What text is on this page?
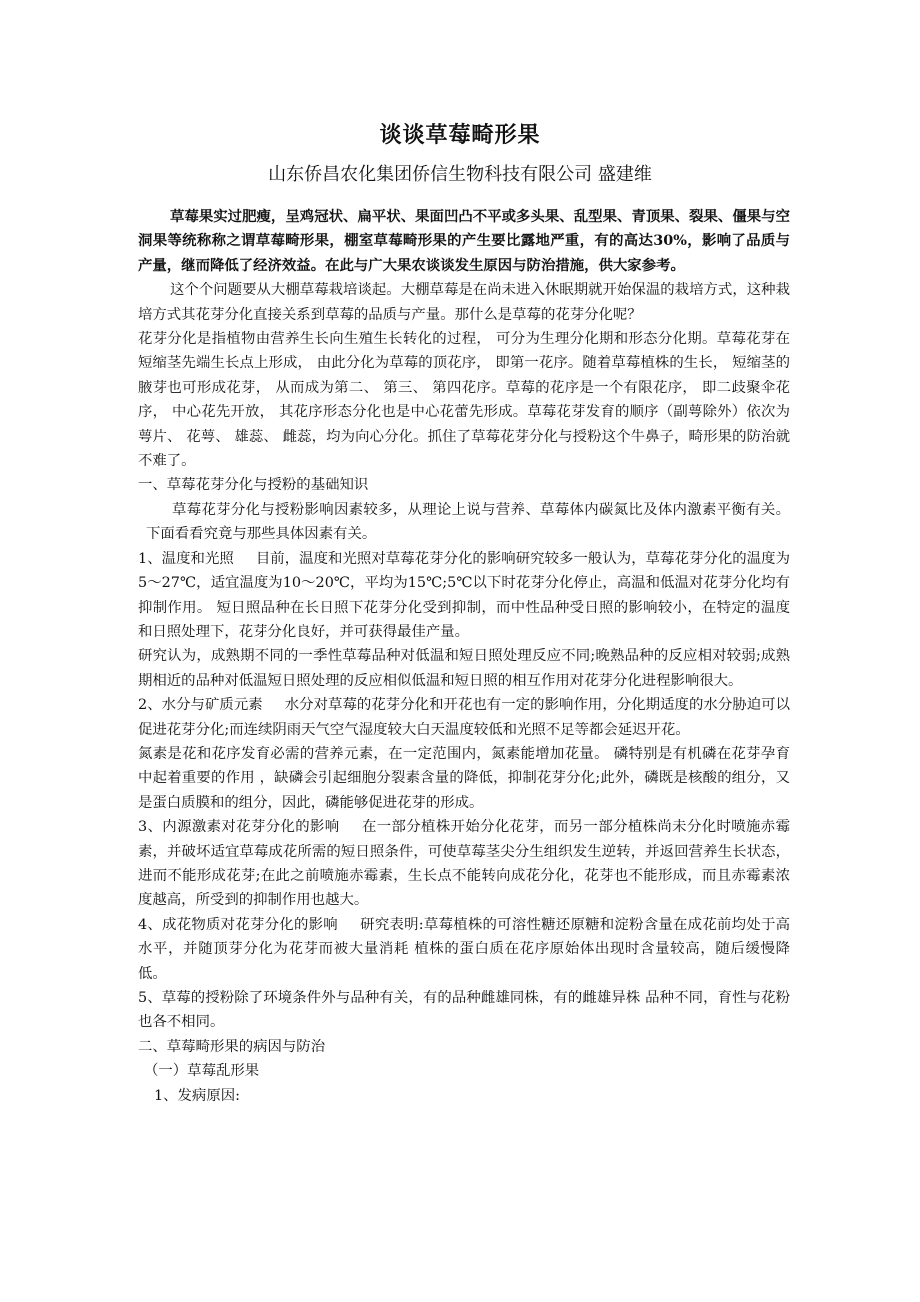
谈谈草莓畸形果
山东侨昌农化集团侨信生物科技有限公司 盛建维

草莓果实过肥瘦，呈鸡冠状、扁平状、果面凹凸不平或多头果、乱型果、青顶果、裂果、僵果与空洞果等统称称之谓草莓畸形果，棚室草莓畸形果的产生要比露地严重，有的高达30%，影响了品质与产量，继而降低了经济效益。在此与广大果农谈谈发生原因与防治措施，供大家参考。

这个个问题要从大棚草莓栽培谈起。大棚草莓是在尚未进入休眠期就开始保温的栽培方式，这种栽培方式其花芽分化直接关系到草莓的品质与产量。那什么是草莓的花芽分化呢？

花芽分化是指植物由营养生长向生殖生长转化的过程， 可分为生理分化期和形态分化期。草莓花芽在短缩茎先端生长点上形成， 由此分化为草莓的顶花序， 即第一花序。随着草莓植株的生长， 短缩茎的腋芽也可形成花芽， 从而成为第二、 第三、 第四花序。草莓的花序是一个有限花序， 即二歧聚伞花序， 中心花先开放， 其花序形态分化也是中心花蕾先形成。草莓花芽发育的顺序（副萼除外）依次为萼片、 花萼、 雄蕊、 雌蕊，均为向心分化。抓住了草莓花芽分化与授粉这个牛鼻子，畸形果的防治就不难了。

一、草莓花芽分化与授粉的基础知识

草莓花芽分化与授粉影响因素较多，从理论上说与营养、草莓体内碳氮比及体内激素平衡有关。下面看看究竟与那些具体因素有关。

1、温度和光照 目前，温度和光照对草莓花芽分化的影响研究较多一般认为，草莓花芽分化的温度为5～27℃，适宜温度为10～20℃，平均为15℃;5℃以下时花芽分化停止，高温和低温对花芽分化均有抑制作用。 短日照品种在长日照下花芽分化受到抑制，而中性品种受日照的影响较小，在特定的温度和日照处理下，花芽分化良好，并可获得最佳产量。

研究认为，成熟期不同的一季性草莓品种对低温和短日照处理反应不同;晚熟品种的反应相对较弱;成熟期相近的品种对低温短日照处理的反应相似低温和短日照的相互作用对花芽分化进程影响很大。

2、水分与矿质元素 水分对草莓的花芽分化和开花也有一定的影响作用，分化期适度的水分胁迫可以促进花芽分化;而连续阴雨天气空气湿度较大白天温度较低和光照不足等都会延迟开花。

氮素是花和花序发育必需的营养元素，在一定范围内，氮素能增加花量。 磷特别是有机磷在花芽孕育中起着重要的作用 ，缺磷会引起细胞分裂素含量的降低，抑制花芽分化;此外，磷既是核酸的组分，又是蛋白质膜和的组分，因此，磷能够促进花芽的形成。

3、内源激素对花芽分化的影响 在一部分植株开始分化花芽，而另一部分植株尚未分化时喷施赤霉素，并破坏适宜草莓成花所需的短日照条件，可使草莓茎尖分生组织发生逆转，并返回营养生长状态，进而不能形成花芽;在此之前喷施赤霉素，生长点不能转向成花分化，花芽也不能形成，而且赤霉素浓度越高，所受到的抑制作用也越大。

4、成花物质对花芽分化的影响 研究表明:草莓植株的可溶性糖还原糖和淀粉含量在成花前均处于高水平，并随顶芽分化为花芽而被大量消耗 植株的蛋白质在花序原始体出现时含量较高，随后缓慢降低。

5、草莓的授粉除了环境条件外与品种有关，有的品种雌雄同株，有的雌雄异株 品种不同，育性与花粉也各不相同。

二、草莓畸形果的病因与防治

（一）草莓乱形果

1、发病原因:
